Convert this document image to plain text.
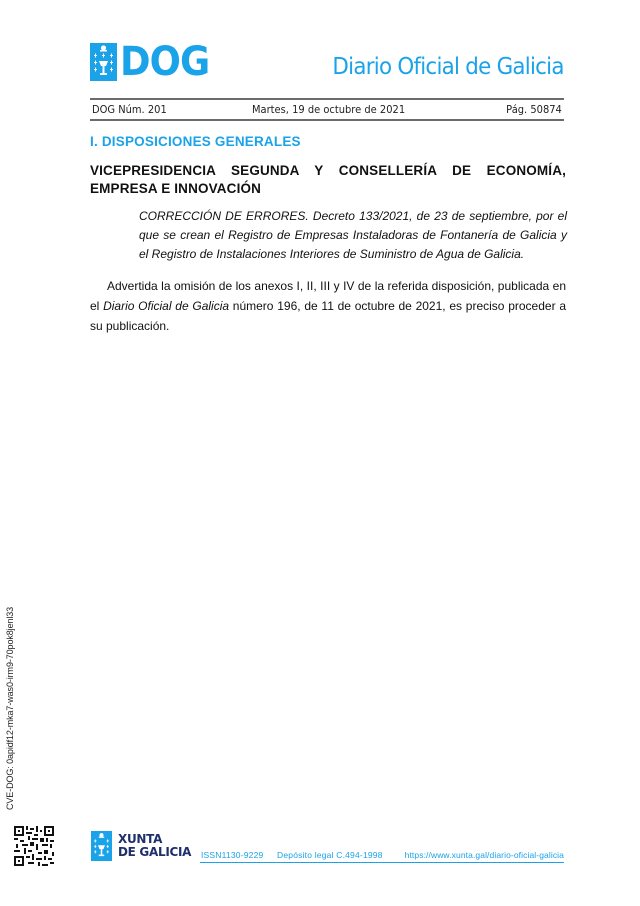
DOG	Diario Oficial de Galicia
DOG Núm. 201	Martes, 19 de octubre de 2021	Pág. 50874
I. DISPOSICIONES GENERALES
VICEPRESIDENCIA SEGUNDA Y CONSELLERÍA DE ECONOMÍA, EMPRESA E INNOVACIÓN
CORRECCIÓN DE ERRORES. Decreto 133/2021, de 23 de septiembre, por el que se crean el Registro de Empresas Instaladoras de Fontanería de Galicia y el Registro de Instalaciones Interiores de Suministro de Agua de Galicia.
Advertida la omisión de los anexos I, II, III y IV de la referida disposición, publicada en el Diario Oficial de Galicia número 196, de 11 de octubre de 2021, es preciso proceder a su publicación.
CVE-DOG: 0apidf12-mka7-was0-irm9-70pok8jenl33
XUNTA
DE GALICIA ISSN1130-9229 Depósito legal C.494-1998	https://www.xunta.gal/diario-oficial-galicia
